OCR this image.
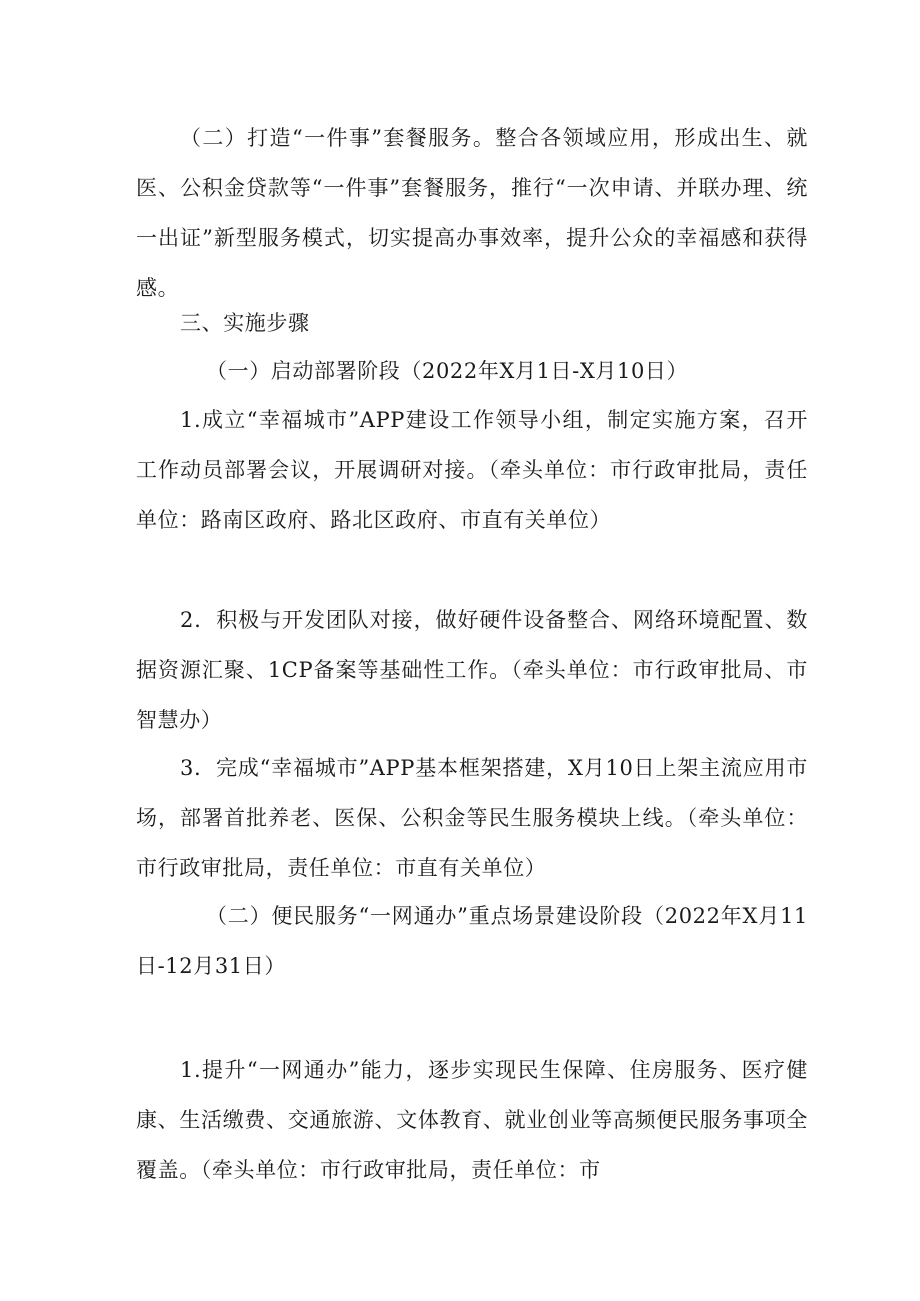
（二）打造“一件事”套餐服务。整合各领域应用，形成出生、就医、公积金贷款等“一件事”套餐服务，推行“一次申请、并联办理、统一出证”新型服务模式，切实提高办事效率，提升公众的幸福感和获得感。

三、实施步骤

（一）启动部署阶段（2022年X月1日-X月10日）

1.成立“幸福城市”APP建设工作领导小组，制定实施方案，召开工作动员部署会议，开展调研对接。（牵头单位：市行政审批局，责任单位：路南区政府、路北区政府、市直有关单位）

2．积极与开发团队对接，做好硬件设备整合、网络环境配置、数据资源汇聚、1CP备案等基础性工作。（牵头单位：市行政审批局、市智慧办）

3．完成“幸福城市”APP基本框架搭建，X月10日上架主流应用市场，部署首批养老、医保、公积金等民生服务模块上线。（牵头单位：市行政审批局，责任单位：市直有关单位）

（二）便民服务“一网通办”重点场景建设阶段（2022年X月11日-12月31日）

1.提升“一网通办”能力，逐步实现民生保障、住房服务、医疗健康、生活缴费、交通旅游、文体教育、就业创业等高频便民服务事项全覆盖。（牵头单位：市行政审批局，责任单位：市
